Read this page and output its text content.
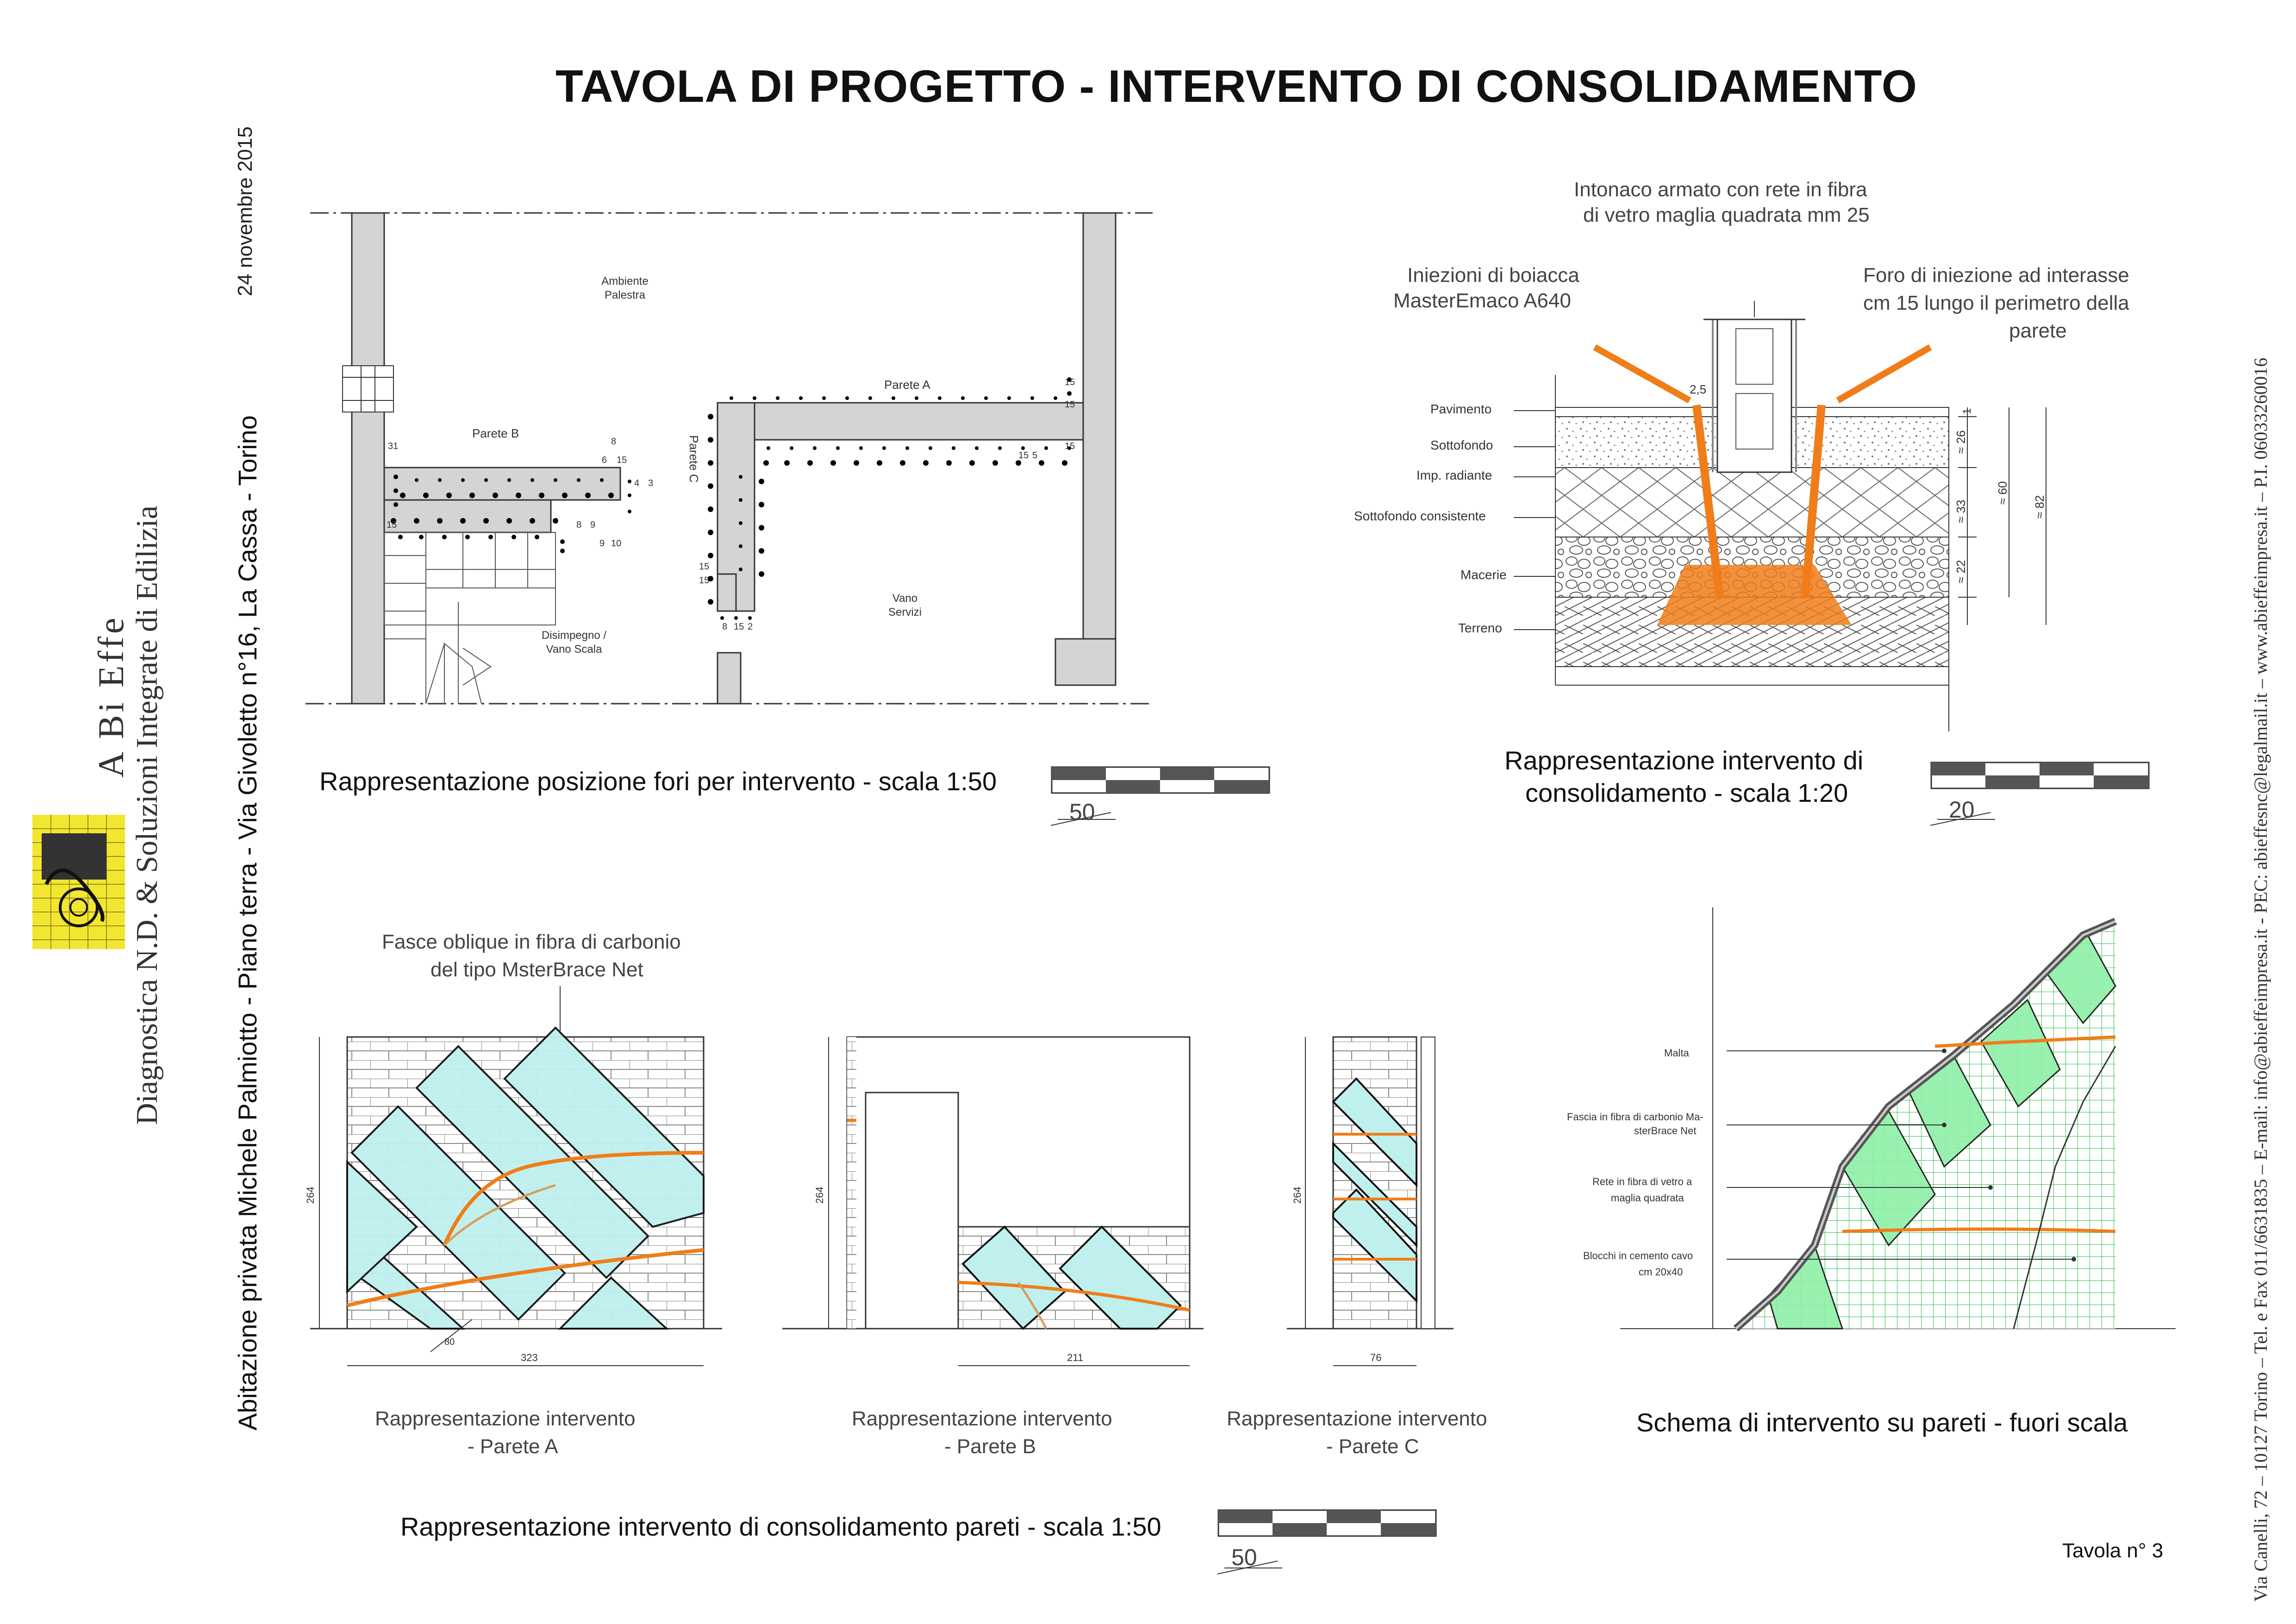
TAVOLA DI PROGETTO - INTERVENTO DI CONSOLIDAMENTO
24 novembre 2015
Abitazione privata Michele Palmiotto - Piano terra - Via Givoletto n°16, La Cassa - Torino
A Bi Effe
Diagnostica N.D. & Soluzioni Integrate di Edilizia	Via Canelli, 72 – 10127 Torino – Tel. e Fax 011/6631835 – E-mail: info@abieffeimpresa.it - PEC: abieffesnc@legalmail.it – www.abieffeimpresa.it – P.I. 06033260016
Parete B
Parete A
Parete C
Ambiente
Palestra
Disimpegno /
Vano Scala
Vano
Servizi
15
15
6 15
8 9
9 10
31
15
4 3
15 5
15
15
8 15 2
15
8
Rappresentazione posizione fori per intervento - scala 1:50
50
Intonaco armato con rete in fibra
di vetro maglia quadrata mm 25
Iniezioni di boiacca
MasterEmaco A640
Foro di iniezione ad interasse
cm 15 lungo il perimetro della
parete
1
≈ 26
≈ 33
≈ 22
≈ 60
≈ 82
2,5
Pavimento
Sottofondo
Imp. radiante
Sottofondo consistente
Macerie
Terreno
Rappresentazione intervento di
consolidamento - scala 1:20
20
Fasce oblique in fibra di carbonio
del tipo MsterBrace Net
264
323
80
264
211
264
76
Rappresentazione intervento
- Parete A
Rappresentazione intervento
- Parete B
Rappresentazione intervento
- Parete C
Rappresentazione intervento di consolidamento pareti - scala 1:50
50
Malta
Fascia in fibra di carbonio Ma-
sterBrace Net
Rete in fibra di vetro a
maglia quadrata
Blocchi in cemento cavo
cm 20x40
Schema di intervento su pareti - fuori scala
Tavola n° 3
